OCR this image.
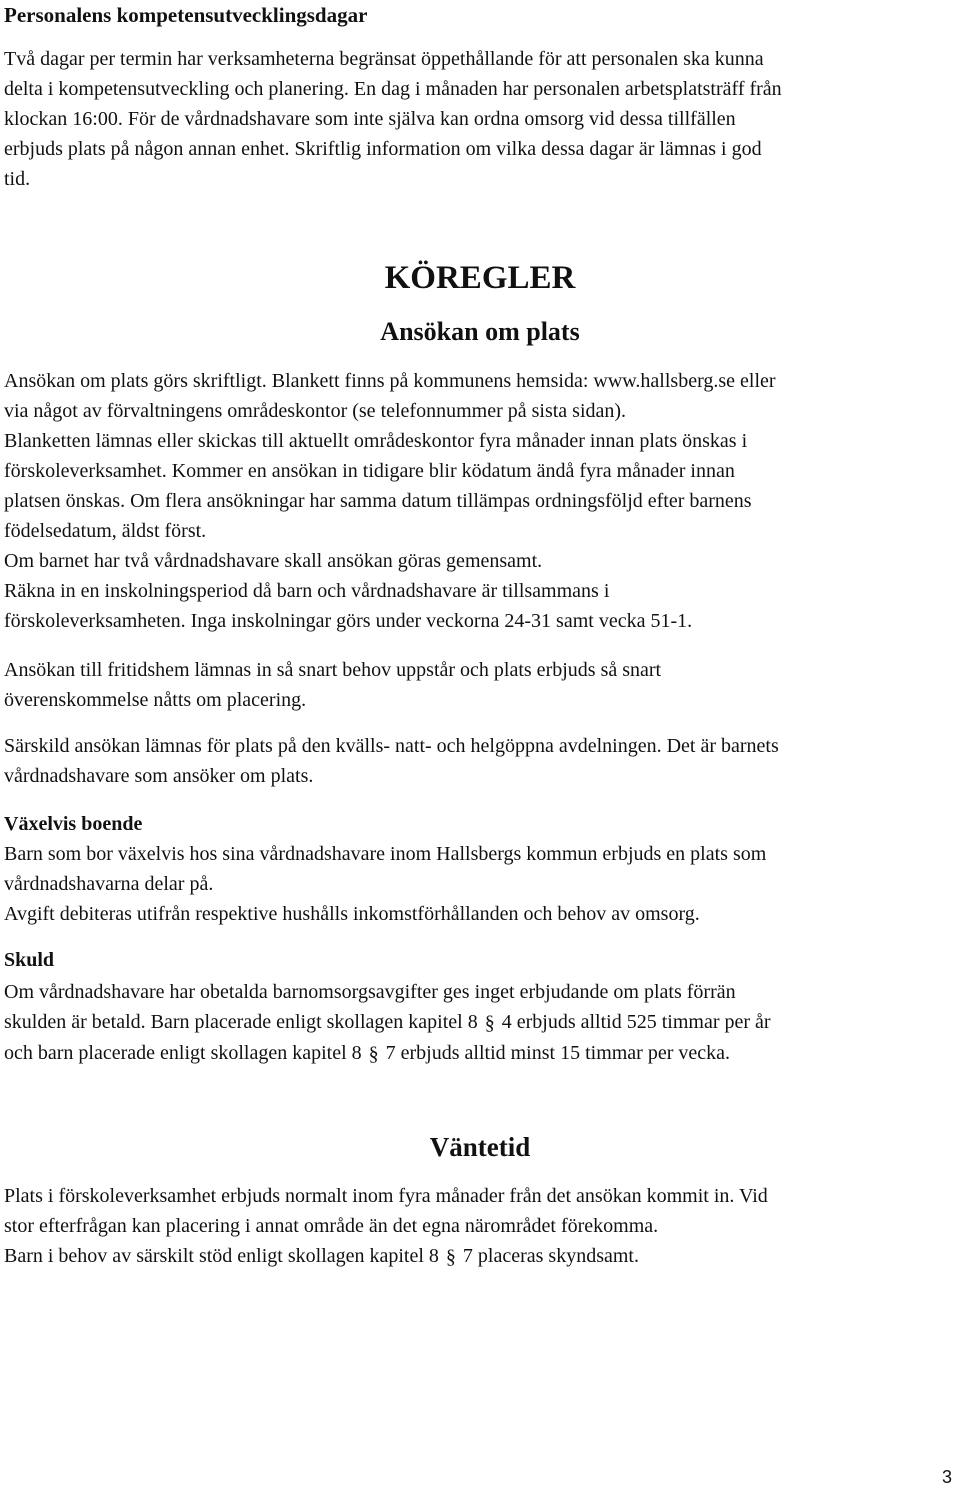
Personalens kompetensutvecklingsdagar

Två dagar per termin har verksamheterna begränsat öppethållande för att personalen ska kunna
delta i kompetensutveckling och planering. En dag i månaden har personalen arbetsplatsträff från
klockan 16:00. För de vårdnadshavare som inte själva kan ordna omsorg vid dessa tillfällen
erbjuds plats på någon annan enhet. Skriftlig information om vilka dessa dagar är lämnas i god
tid.

KÖREGLER
Ansökan om plats

Ansökan om plats görs skriftligt. Blankett finns på kommunens hemsida: www.hallsberg.se eller
via något av förvaltningens områdeskontor (se telefonnummer på sista sidan).
Blanketten lämnas eller skickas till aktuellt områdeskontor fyra månader innan plats önskas i
förskoleverksamhet. Kommer en ansökan in tidigare blir ködatum ändå fyra månader innan
platsen önskas. Om flera ansökningar har samma datum tillämpas ordningsföljd efter barnens
födelsedatum, äldst först.
Om barnet har två vårdnadshavare skall ansökan göras gemensamt.
Räkna in en inskolningsperiod då barn och vårdnadshavare är tillsammans i
förskoleverksamheten. Inga inskolningar görs under veckorna 24-31 samt vecka 51-1.

Ansökan till fritidshem lämnas in så snart behov uppstår och plats erbjuds så snart
överenskommelse nåtts om placering.

Särskild ansökan lämnas för plats på den kvälls- natt- och helgöppna avdelningen. Det är barnets
vårdnadshavare som ansöker om plats.

Växelvis boende

Barn som bor växelvis hos sina vårdnadshavare inom Hallsbergs kommun erbjuds en plats som
vårdnadshavarna delar på.
Avgift debiteras utifrån respektive hushålls inkomstförhållanden och behov av omsorg.

Skuld

Om vårdnadshavare har obetalda barnomsorgsavgifter ges inget erbjudande om plats förrän
skulden är betald. Barn placerade enligt skollagen kapitel 8 § 4 erbjuds alltid 525 timmar per år
och barn placerade enligt skollagen kapitel 8 § 7 erbjuds alltid minst 15 timmar per vecka.

Väntetid

Plats i förskoleverksamhet erbjuds normalt inom fyra månader från det ansökan kommit in. Vid
stor efterfrågan kan placering i annat område än det egna närområdet förekomma.
Barn i behov av särskilt stöd enligt skollagen kapitel 8 § 7 placeras skyndsamt.

3
